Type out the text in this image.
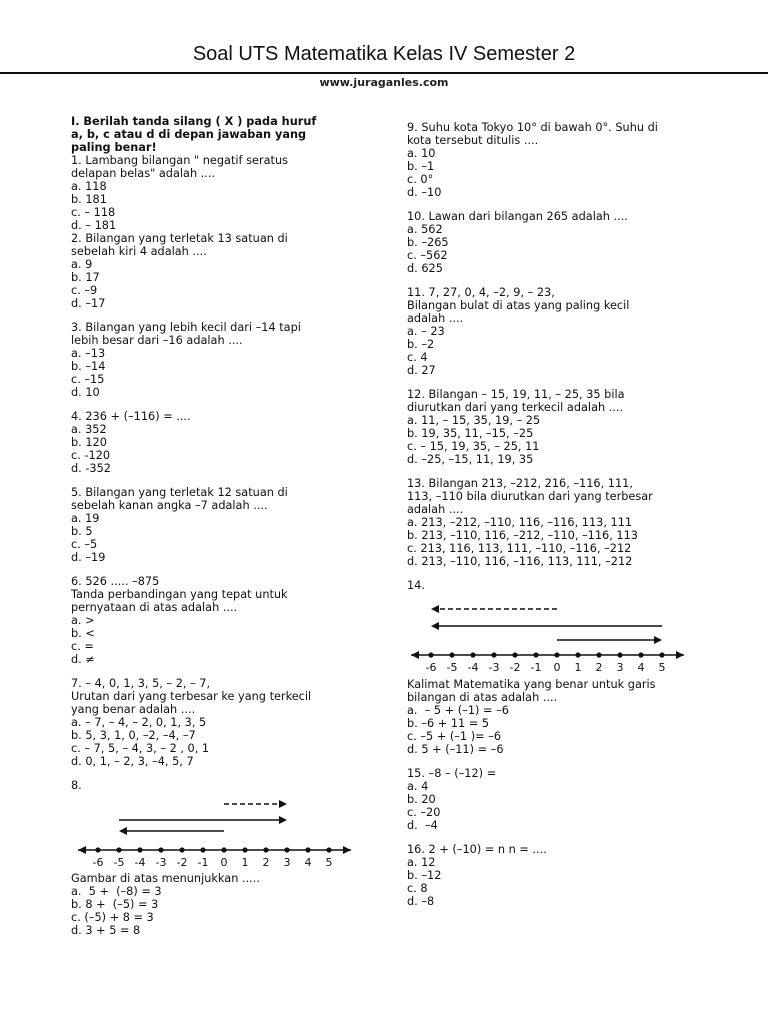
Soal UTS Matematika Kelas IV Semester 2
www.juraganles.com
I. Berilah tanda silang ( X ) pada huruf
a, b, c atau d di depan jawaban yang
paling benar!
1. Lambang bilangan " negatif seratus
delapan belas" adalah ....
a. 118
b. 181
c. – 118
d. – 181
2. Bilangan yang terletak 13 satuan di
sebelah kiri 4 adalah ....
a. 9
b. 17
c. –9
d. –17
3. Bilangan yang lebih kecil dari –14 tapi
lebih besar dari –16 adalah ....
a. –13
b. –14
c. –15
d. 10
4. 236 + (–116) = ....
a. 352
b. 120
c. -120
d. -352
5. Bilangan yang terletak 12 satuan di
sebelah kanan angka –7 adalah ....
a. 19
b. 5
c. –5
d. –19
6. 526 ..... –875
Tanda perbandingan yang tepat untuk
pernyataan di atas adalah ....
a. >
b. <
c. =
d. ≠
7. – 4, 0, 1, 3, 5, – 2, – 7,
Urutan dari yang terbesar ke yang terkecil
yang benar adalah ....
a. – 7, – 4, – 2, 0, 1, 3, 5
b. 5, 3, 1, 0, –2, –4, –7
c. – 7, 5, – 4, 3, – 2 , 0, 1
d. 0, 1, – 2, 3, –4, 5, 7
8.
-6 -5 -4 -3 -2 -1 0 1 2 3 4 5
Gambar di atas menunjukkan .....
a.  5 +  (–8) = 3
b. 8 +  (–5) = 3
c. (–5) + 8 = 3
d. 3 + 5 = 8
9. Suhu kota Tokyo 10° di bawah 0°. Suhu di
kota tersebut ditulis ....
a. 10
b. –1
c. 0°
d. –10
10. Lawan dari bilangan 265 adalah ....
a. 562
b. –265
c. –562
d. 625
11. 7, 27, 0, 4, –2, 9, – 23,
Bilangan bulat di atas yang paling kecil
adalah ....
a. – 23
b. –2
c. 4
d. 27
12. Bilangan – 15, 19, 11, – 25, 35 bila
diurutkan dari yang terkecil adalah ....
a. 11, – 15, 35, 19, – 25
b. 19, 35, 11, –15, –25
c. – 15, 19, 35, – 25, 11
d. –25, –15, 11, 19, 35
13. Bilangan 213, –212, 216, –116, 111,
113, –110 bila diurutkan dari yang terbesar
adalah ....
a. 213, –212, –110, 116, –116, 113, 111
b. 213, –110, 116, –212, –110, –116, 113
c. 213, 116, 113, 111, –110, –116, –212
d. 213, –110, 116, –116, 113, 111, –212
14.
-6 -5 -4 -3 -2 -1 0 1 2 3 4 5
Kalimat Matematika yang benar untuk garis
bilangan di atas adalah ....
a.  – 5 + (–1) = –6
b. –6 + 11 = 5
c. –5 + (–1 )= –6
d. 5 + (–11) = –6
15. –8 – (–12) =
a. 4
b. 20
c. –20
d.  –4
16. 2 + (–10) = n n = ....
a. 12
b. –12
c. 8
d. –8
